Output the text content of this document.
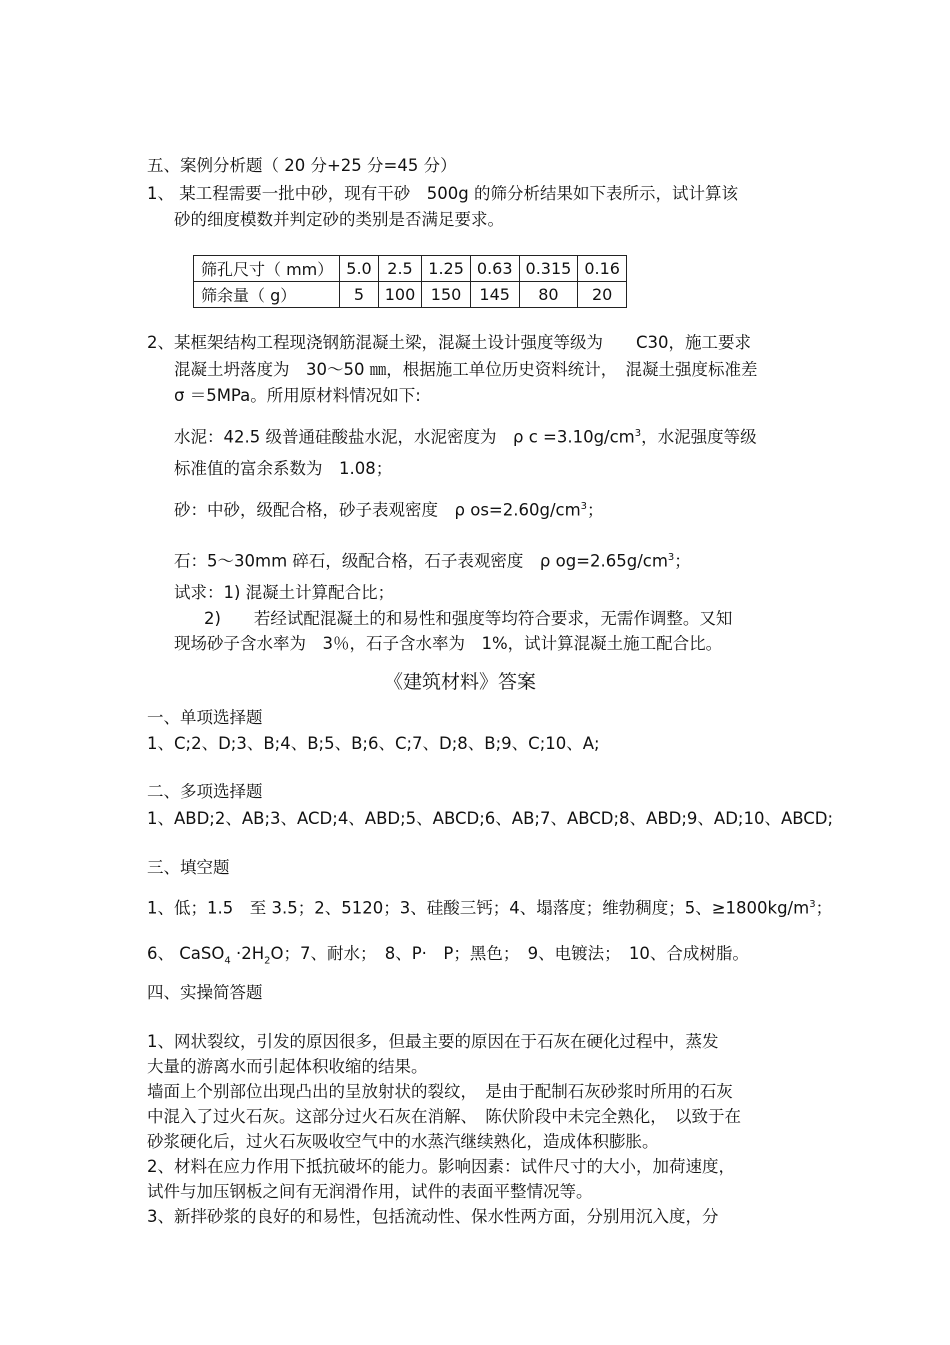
五、案例分析题（ 20 分+25 分=45 分）
1、 某工程需要一批中砂，现有干砂　500g 的筛分析结果如下表所示，试计算该
砂的细度模数并判定砂的类别是否满足要求。
筛孔尺寸（ mm）	5.0	2.5	1.25	0.63	0.315	0.16
筛余量（ g）	5	100	150	145	80	20
2、某框架结构工程现浇钢筋混凝土梁，混凝土设计强度等级为　　C30，施工要求
混凝土坍落度为　30～50 ㎜，根据施工单位历史资料统计，　混凝土强度标准差
σ ＝5MPa。所用原材料情况如下:
水泥：42.5 级普通硅酸盐水泥，水泥密度为　ρ $c =3.10g/cm^3$，水泥强度等级
标准值的富余系数为　1.08；
砂：中砂，级配合格，砂子表观密度　ρ $os=2.60g/cm^3$；
石：5～30mm 碎石，级配合格，石子表观密度　ρ $og=2.65g/cm^3$；
试求：1) 混凝土计算配合比；
2)　　若经试配混凝土的和易性和强度等均符合要求，无需作调整。又知
现场砂子含水率为　3％，石子含水率为　1%，试计算混凝土施工配合比。
《建筑材料》答案
一、单项选择题
1、C;2、D;3、B;4、B;5、B;6、C;7、D;8、B;9、C;10、A;
二、多项选择题
1、ABD;2、AB;3、ACD;4、ABD;5、ABCD;6、AB;7、ABCD;8、ABD;9、AD;10、ABCD;
三、填空题
1、低；1.5　至 3.5；2、5120；3、硅酸三钙；4、塌落度；维勃稠度；5、$\ge 1800kg/m^3$；
6、 CaSO$_4$ $\cdot 2H_2O$；7、耐水；　8、P·　P；黑色；　9、电镀法；　10、合成树脂。
四、实操简答题
1、网状裂纹，引发的原因很多，但最主要的原因在于石灰在硬化过程中，蒸发
大量的游离水而引起体积收缩的结果。
墙面上个别部位出现凸出的呈放射状的裂纹，　是由于配制石灰砂浆时所用的石灰
中混入了过火石灰。这部分过火石灰在消解、　陈伏阶段中未完全熟化，　以致于在
砂浆硬化后，过火石灰吸收空气中的水蒸汽继续熟化，造成体积膨胀。
2、材料在应力作用下抵抗破坏的能力。影响因素：试件尺寸的大小，加荷速度，
试件与加压钢板之间有无润滑作用，试件的表面平整情况等。
3、新拌砂浆的良好的和易性，包括流动性、保水性两方面，分别用沉入度，分
